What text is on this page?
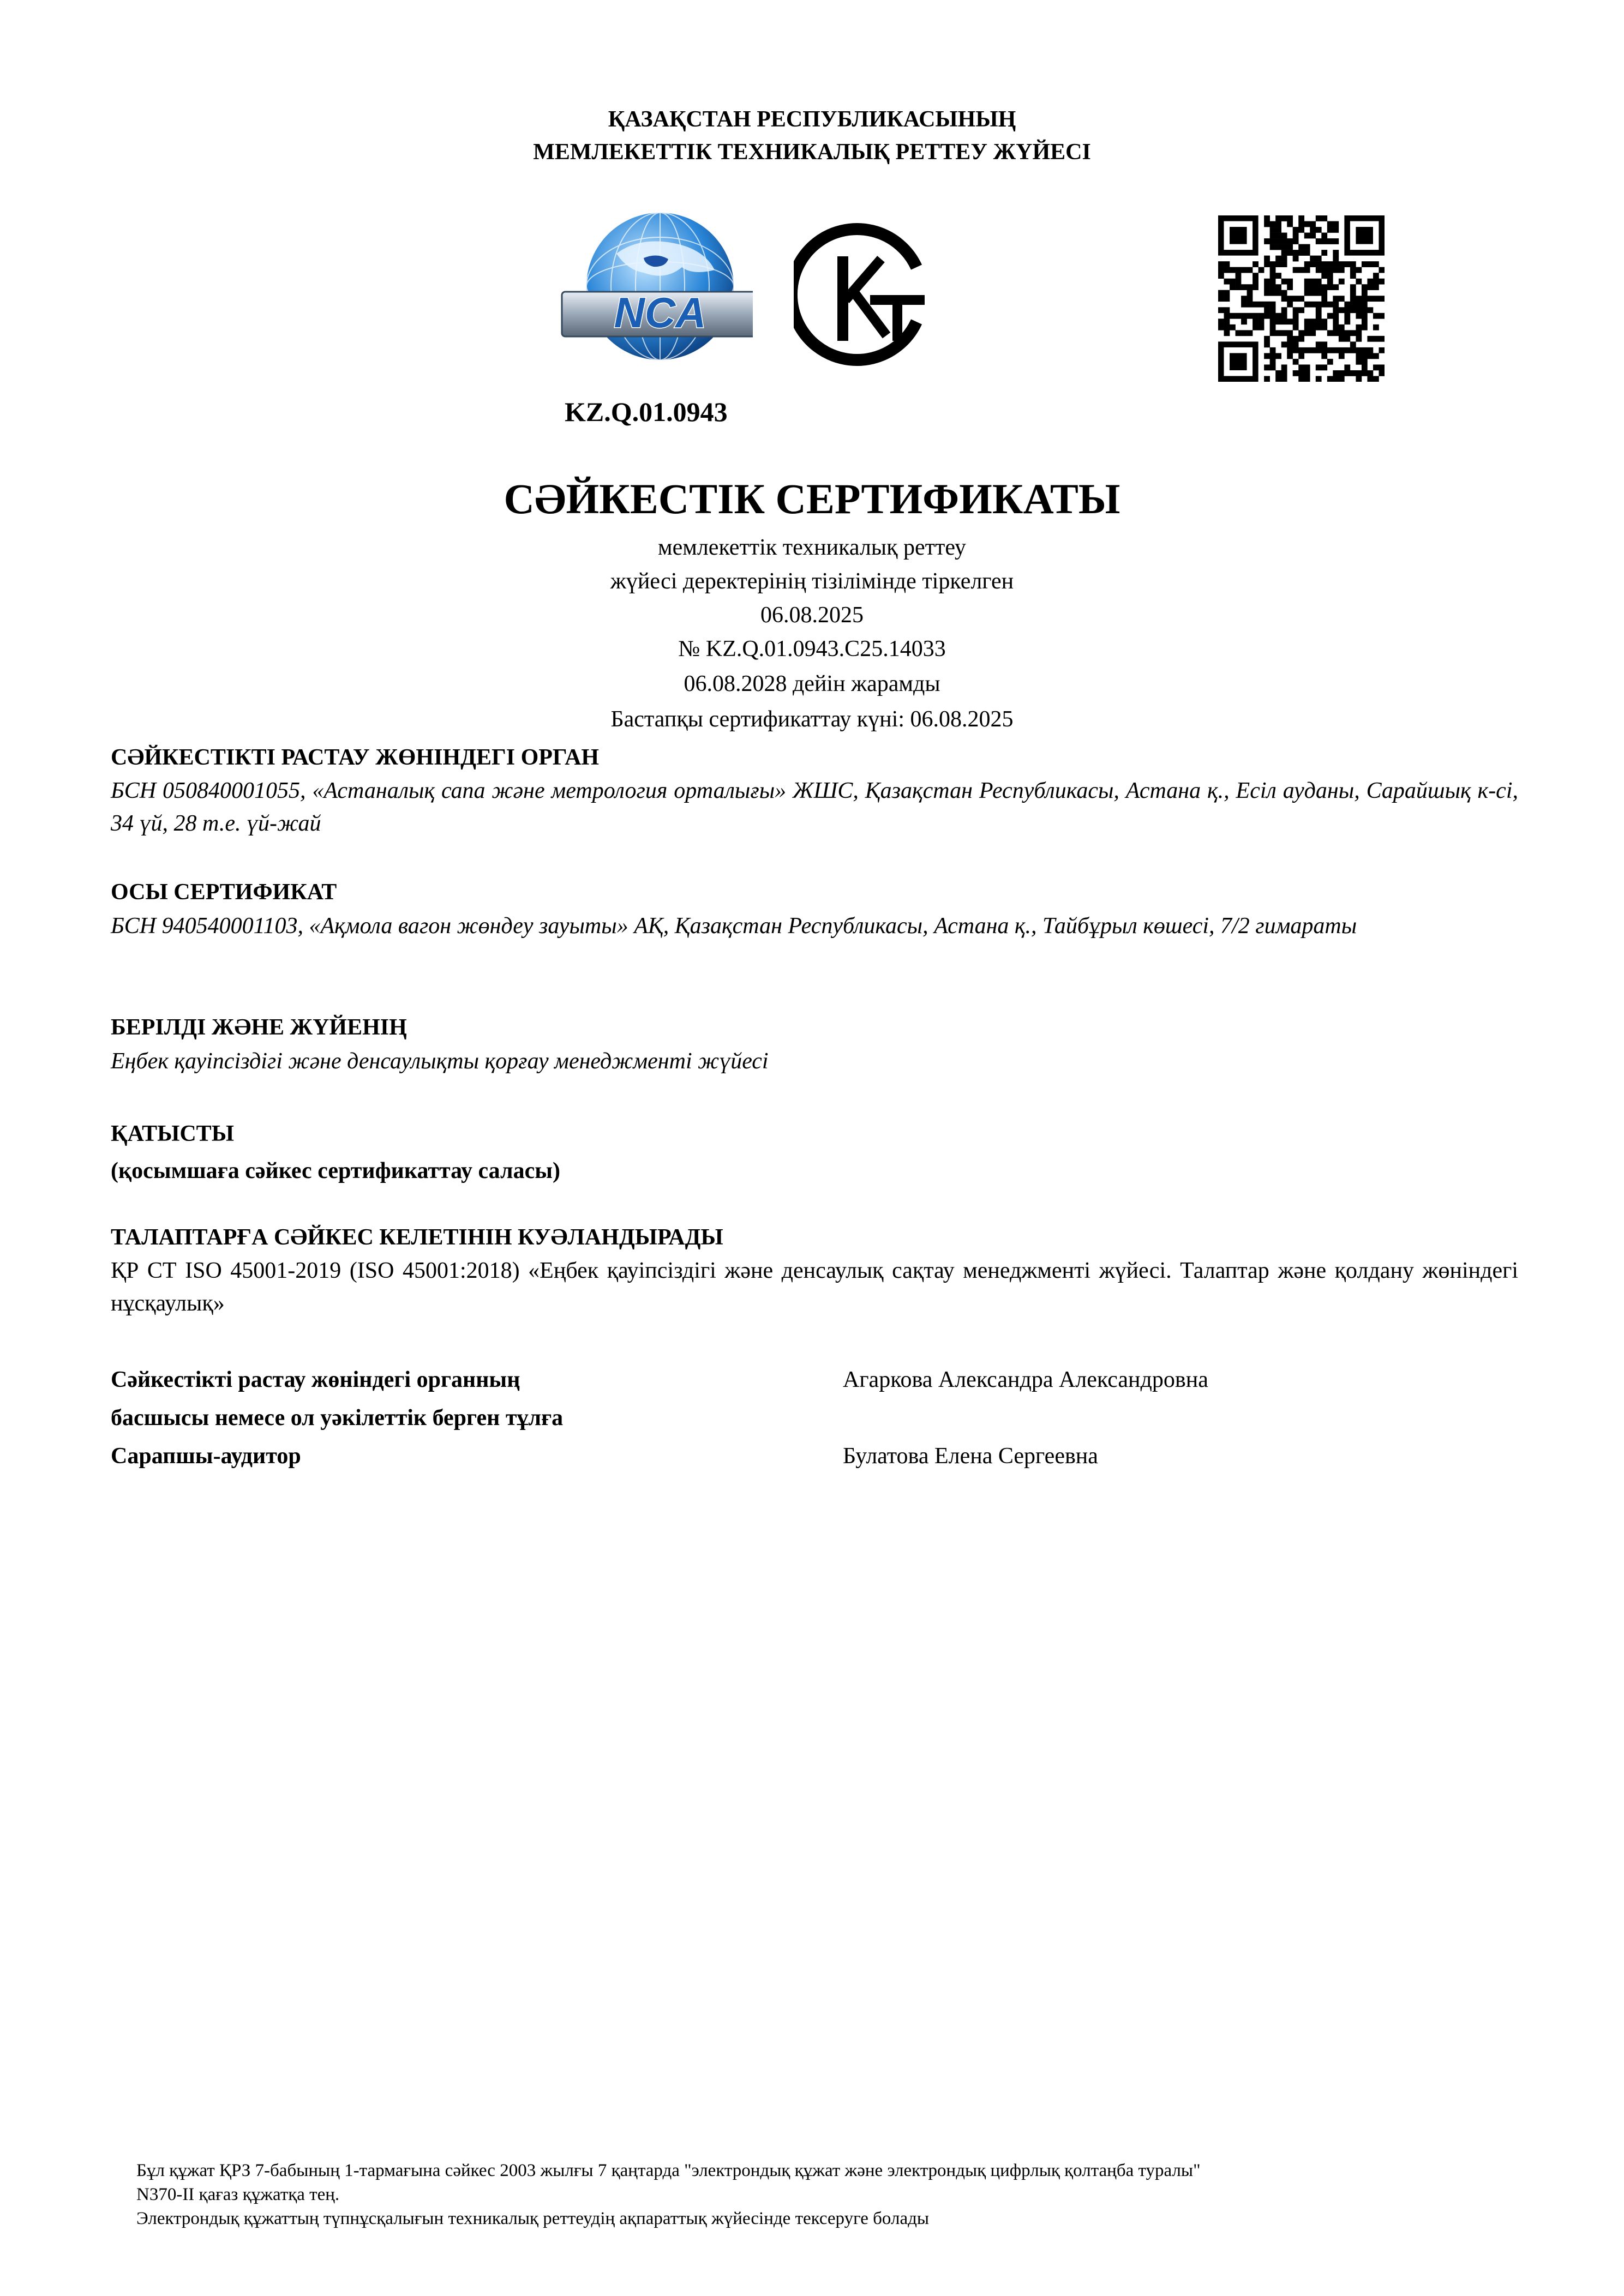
ҚАЗАҚСТАН РЕСПУБЛИКАСЫНЫҢ
МЕМЛЕКЕТТІК ТЕХНИКАЛЫҚ РЕТТЕУ ЖҮЙЕСІ
NCA
KZ.Q.01.0943
СӘЙКЕСТІК СЕРТИФИКАТЫ
мемлекеттік техникалық реттеу
жүйесі деректерінің тізілімінде тіркелген
06.08.2025
№ KZ.Q.01.0943.C25.14033
06.08.2028 дейін жарамды
Бастапқы сертификаттау күні: 06.08.2025
СӘЙКЕСТІКТІ РАСТАУ ЖӨНІНДЕГІ ОРГАН
БСН 050840001055, «Астаналық сапа және метрология орталығы» ЖШС, Қазақстан Республикасы, Астана қ., Есіл ауданы, Сарайшық к-сі, 34 үй, 28 т.е. үй-жай
ОСЫ СЕРТИФИКАТ
БСН 940540001103, «Ақмола вагон жөндеу зауыты» АҚ, Қазақстан Республикасы, Астана қ., Тайбұрыл көшесі, 7/2 гимараты
БЕРІЛДІ ЖӘНЕ ЖҮЙЕНІҢ
Еңбек қауіпсіздігі және денсаулықты қорғау менеджменті жүйесі
ҚАТЫСТЫ
(қосымшаға сәйкес сертификаттау саласы)
ТАЛАПТАРҒА СӘЙКЕС КЕЛЕТІНІН КУӘЛАНДЫРАДЫ
ҚР СТ ISO 45001-2019 (ISO 45001:2018) «Еңбек қауіпсіздігі және денсаулық сақтау менеджменті жүйесі. Талаптар және қолдану жөніндегі нұсқаулық»
Сәйкестікті растау жөніндегі органның
басшысы немесе ол уәкілеттік берген тұлға
Агаркова Александра Александровна
Сарапшы-аудитор	Булатова Елена Сергеевна
Бұл құжат ҚРЗ 7-бабының 1-тармағына сәйкес 2003 жылғы 7 қаңтарда "электрондық құжат және электрондық цифрлық қолтаңба туралы"
N370-II қағаз құжатқа тең.
Электрондық құжаттың түпнұсқалығын техникалық реттеудің ақпараттық жүйесінде тексеруге болады
